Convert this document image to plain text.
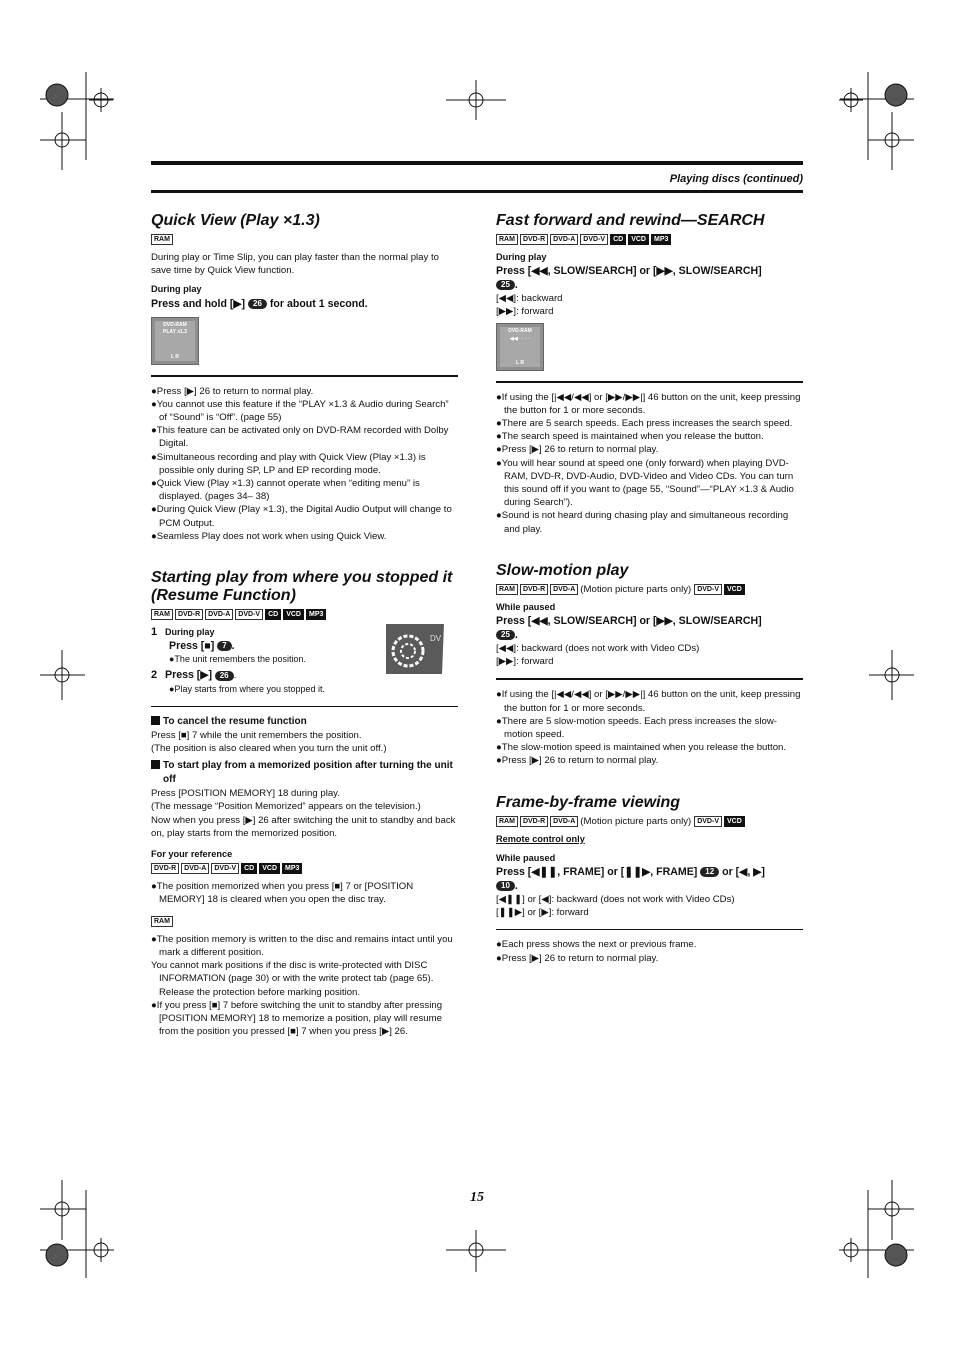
Playing discs (continued)
Quick View (Play ×1.3)
RAM

During play or Time Slip, you can play faster than the normal play to save time by Quick View function.

During play
Press and hold [▶] 26 for about 1 second.
DVD-RAM
PLAY x1.3
L R

●Press [▶] 26 to return to normal play.

●You cannot use this feature if the “PLAY ×1.3 & Audio during Search” of “Sound” is “Off”. (page 55)

●This feature can be activated only on DVD-RAM recorded with Dolby Digital.

●Simultaneous recording and play with Quick View (Play ×1.3) is possible only during SP, LP and EP recording mode.

●Quick View (Play ×1.3) cannot operate when “editing menu” is displayed. (pages 34– 38)

●During Quick View (Play ×1.3), the Digital Audio Output will change to PCM Output.

●Seamless Play does not work when using Quick View.

Starting play from where you stopped it (Resume Function)
RAM DVD-R DVD-A DVD-V CD VCD MP3
1 During play
Press [■] 7 .
●The unit remembers the position.
2 Press [▶] 26 .
●Play starts from where you stopped it.
DV
To cancel the resume function

Press [■] 7 while the unit remembers the position.

(The position is also cleared when you turn the unit off.)

To start play from a memorized position after turning the unit off

Press [POSITION MEMORY] 18 during play.

(The message “Position Memorized” appears on the television.)

Now when you press [▶] 26 after switching the unit to standby and back on, play starts from the memorized position.

For your reference
DVD-R DVD-A DVD-V CD VCD MP3

●The position memorized when you press [■] 7 or [POSITION MEMORY] 18 is cleared when you open the disc tray.

RAM

●The position memory is written to the disc and remains intact until you mark a different position.

You cannot mark positions if the disc is write-protected with DISC INFORMATION (page 30) or with the write protect tab (page 65). Release the protection before marking position.

●If you press [■] 7 before switching the unit to standby after pressing [POSITION MEMORY] 18 to memorize a position, play will resume from the position you pressed [■] 7 when you press [▶] 26.

Fast forward and rewind—SEARCH
RAM DVD-R DVD-A DVD-V CD VCD MP3
During play
Press [◀◀, SLOW/SEARCH] or [▶▶, SLOW/SEARCH]
25 .

[◀◀]: backward

[▶▶]: forward

DVD-RAM
◀◀ · · · ·
L R

●If using the [|◀◀/◀◀] or [▶▶/▶▶|] 46 button on the unit, keep pressing the button for 1 or more seconds.

●There are 5 search speeds. Each press increases the search speed.

●The search speed is maintained when you release the button.

●Press [▶] 26 to return to normal play.

●You will hear sound at speed one (only forward) when playing DVD-RAM, DVD-R, DVD-Audio, DVD-Video and Video CDs. You can turn this sound off if you want to (page 55, “Sound”—“PLAY ×1.3 & Audio during Search”).

●Sound is not heard during chasing play and simultaneous recording and play.

Slow-motion play
RAM DVD-R DVD-A (Motion picture parts only) DVD-V VCD
While paused
Press [◀◀, SLOW/SEARCH] or [▶▶, SLOW/SEARCH]
25 .

[◀◀]: backward (does not work with Video CDs)

[▶▶]: forward

●If using the [|◀◀/◀◀] or [▶▶/▶▶|] 46 button on the unit, keep pressing the button for 1 or more seconds.

●There are 5 slow-motion speeds. Each press increases the slow-motion speed.

●The slow-motion speed is maintained when you release the button.

●Press [▶] 26 to return to normal play.

Frame-by-frame viewing
RAM DVD-R DVD-A (Motion picture parts only) DVD-V VCD
Remote control only
While paused
Press [◀❚❚, FRAME] or [❚❚▶, FRAME] 12 or [◀, ▶]
10 .

[◀❚❚] or [◀]: backward (does not work with Video CDs)

[❚❚▶] or [▶]: forward

●Each press shows the next or previous frame.

●Press [▶] 26 to return to normal play.

15
